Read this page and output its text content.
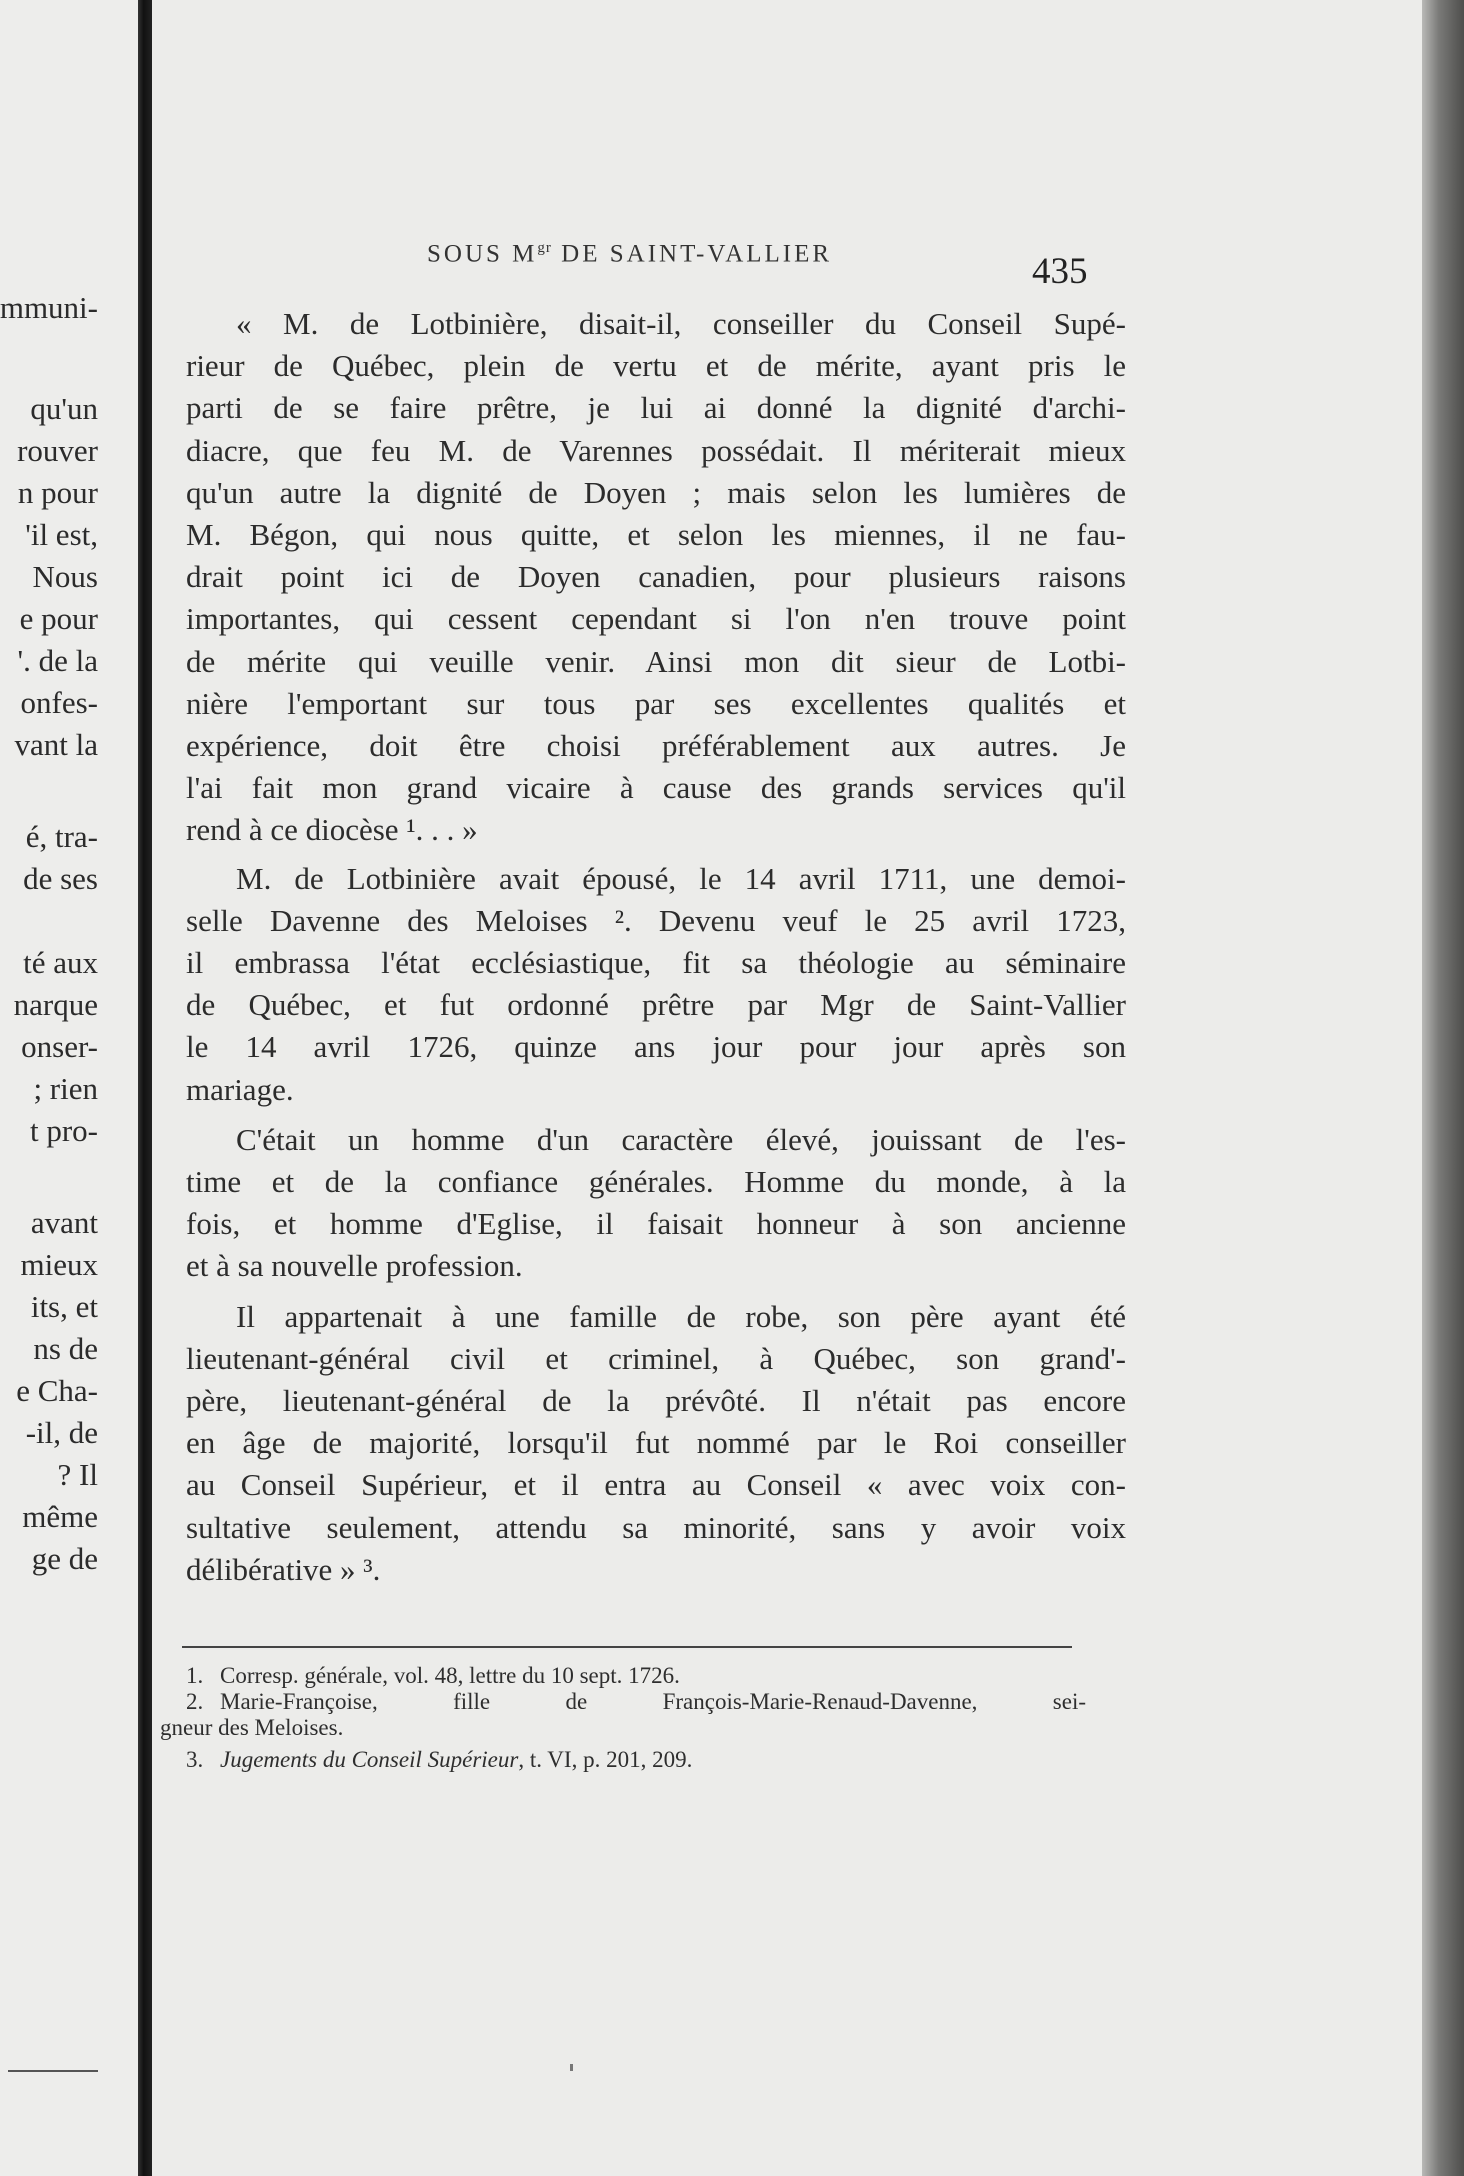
mmuni-
qu'un
rouver
n pour
'il est,
Nous
e pour
'. de la
onfes-
vant la
é, tra-
de ses
té aux
narque
onser-
; rien
t pro-
avant
mieux
its, et
ns de
e Cha-
-il, de
? Il
même
ge de
SOUS $M^{gr}$ DE SAINT-VALLIER	435
« M. de Lotbinière, disait-il, conseiller du Conseil Supé-
rieur de Québec, plein de vertu et de mérite, ayant pris le
parti de se faire prêtre, je lui ai donné la dignité d'archi-
diacre, que feu M. de Varennes possédait. Il mériterait mieux
qu'un autre la dignité de Doyen ; mais selon les lumières de
M. Bégon, qui nous quitte, et selon les miennes, il ne fau-
drait point ici de Doyen canadien, pour plusieurs raisons
importantes, qui cessent cependant si l'on n'en trouve point
de mérite qui veuille venir. Ainsi mon dit sieur de Lotbi-
nière l'emportant sur tous par ses excellentes qualités et
expérience, doit être choisi préférablement aux autres. Je
l'ai fait mon grand vicaire à cause des grands services qu'il
rend à ce diocèse ¹. . . »
M. de Lotbinière avait épousé, le 14 avril 1711, une demoi-
selle Davenne des Meloises ². Devenu veuf le 25 avril 1723,
il embrassa l'état ecclésiastique, fit sa théologie au séminaire
de Québec, et fut ordonné prêtre par Mgr de Saint-Vallier
le 14 avril 1726, quinze ans jour pour jour après son
mariage.
C'était un homme d'un caractère élevé, jouissant de l'es-
time et de la confiance générales. Homme du monde, à la
fois, et homme d'Eglise, il faisait honneur à son ancienne
et à sa nouvelle profession.
Il appartenait à une famille de robe, son père ayant été
lieutenant-général civil et criminel, à Québec, son grand'-
père, lieutenant-général de la prévôté. Il n'était pas encore
en âge de majorité, lorsqu'il fut nommé par le Roi conseiller
au Conseil Supérieur, et il entra au Conseil « avec voix con-
sultative seulement, attendu sa minorité, sans y avoir voix
délibérative » ³.
1. Corresp. générale, vol. 48, lettre du 10 sept. 1726.
2. Marie-Françoise, fille de François-Marie-Renaud-Davenne, sei-
gneur des Meloises.
3. Jugements du Conseil Supérieur, t. VI, p. 201, 209.
